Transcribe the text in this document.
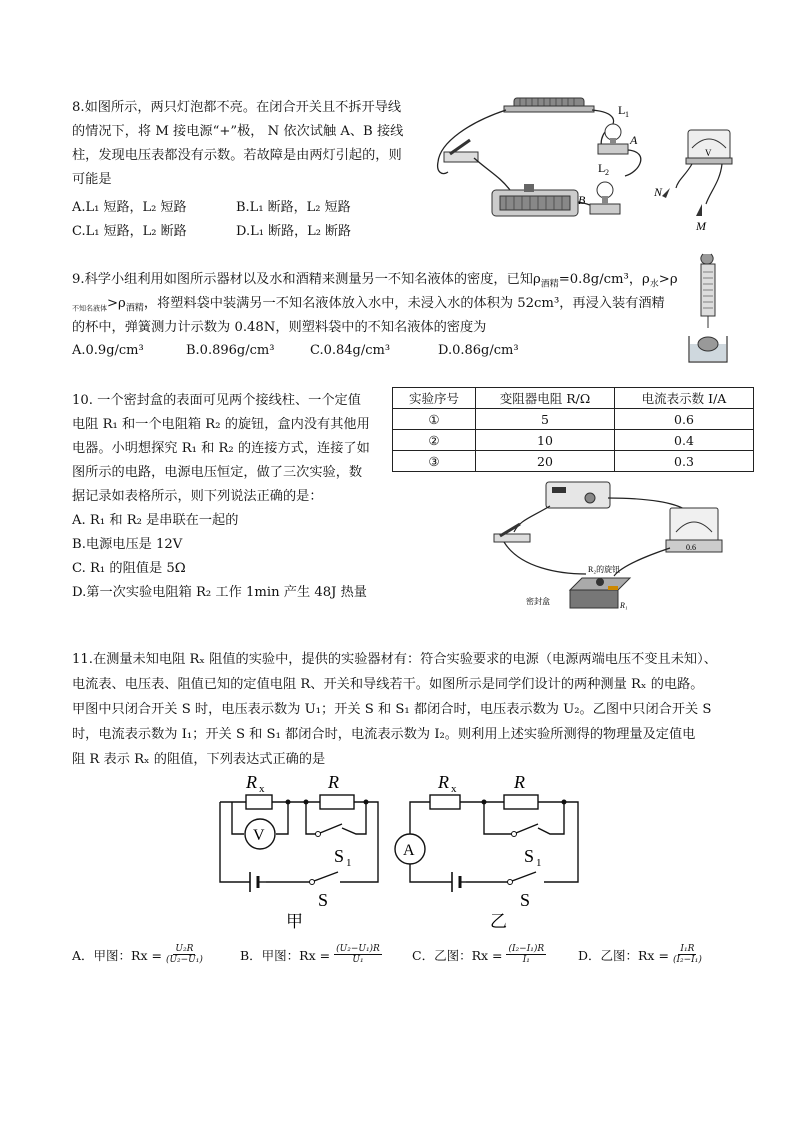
8.如图所示，两只灯泡都不亮。在闭合开关且不拆开导线
的情况下，将 M 接电源“+”极， N 依次试触 A、B 接线
柱，发现电压表都没有示数。若故障是由两灯引起的，则
可能是
A.L₁ 短路，L₂ 短路	B.L₁ 断路，L₂ 短路
C.L₁ 短路，L₂ 断路	D.L₁ 断路，L₂ 断路
L 1
A
L 2
B
V
N
M
9.科学小组利用如图所示器材以及水和酒精来测量另一不知名液体的密度，已知$\rho_{酒精}=0.8g$/cm³，$\rho_水>\rho$
$_{不知名液体}>\rho_{酒精}$，将塑料袋中装满另一不知名液体放入水中，未浸入水的体积为 52cm³，再浸入装有酒精
的杯中，弹簧测力计示数为 0.48N，则塑料袋中的不知名液体的密度为
A.0.9g/cm³	B.0.896g/cm³	C.0.84g/cm³	D.0.86g/cm³
10. 一个密封盒的表面可见两个接线柱、一个定值
电阻 R₁ 和一个电阻箱 R₂ 的旋钮，盒内没有其他用
电器。小明想探究 R₁ 和 R₂ 的连接方式，连接了如
图所示的电路，电源电压恒定，做了三次实验，数
据记录如表格所示，则下列说法正确的是：
A. R₁ 和 R₂ 是串联在一起的
B.电源电压是 12V
C. R₁ 的阻值是 5Ω
D.第一次实验电阻箱 R₂ 工作 1min 产生 48J 热量
实验序号	变阻器电阻 R/Ω	电流表示数 I/A
①	5	0.6
②	10	0.4
③	20	0.3
0.6
R₂的旋钮
密封盒	R₁
11.在测量未知电阻 Rₓ 阻值的实验中，提供的实验器材有：符合实验要求的电源（电源两端电压不变且未知）、
电流表、电压表、阻值已知的定值电阻 R、开关和导线若干。如图所示是同学们设计的两种测量 Rₓ 的电路。
甲图中只闭合开关 S 时，电压表示数为 U₁；开关 S 和 S₁ 都闭合时，电压表示数为 U₂。乙图中只闭合开关 S
时，电流表示数为 I₁；开关 S 和 S₁ 都闭合时，电流表示数为 I₂。则利用上述实验所测得的物理量及定值电
阻 R 表示 Rₓ 的阻值，下列表达式正确的是
V
R x	R
S 1
S
甲
A
R x	R
S 1
S
乙
A．甲图：$Rx = \frac{\text{U₂R}}{\text{(U₂−U₁)}}$	B．甲图：$Rx = \frac{\text{(U₂−U₁)R}}{\text{U₁}}$ C．乙图：$Rx = \frac{\text{(I₂−I₁)R}}{\text{I₁}}$	D．乙图：$Rx = \frac{\text{I₁R}}{\text{(I₂−I₁)}}$
